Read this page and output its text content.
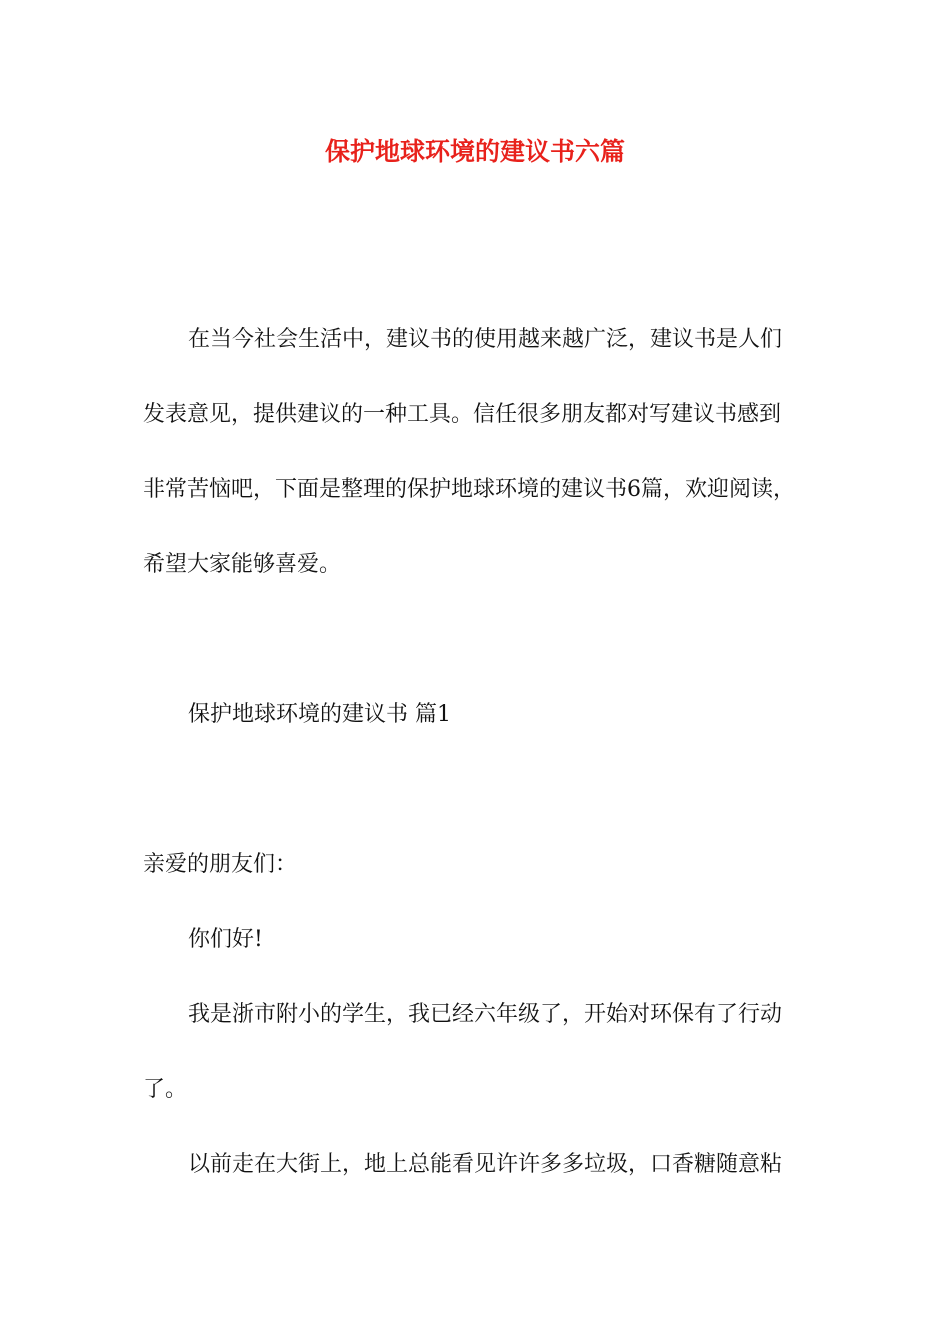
保护地球环境的建议书六篇

在当今社会生活中，建议书的使用越来越广泛，建议书是人们

发表意见，提供建议的一种工具。信任很多朋友都对写建议书感到

非常苦恼吧，下面是整理的保护地球环境的建议书6篇，欢迎阅读，

希望大家能够喜爱。

保护地球环境的建议书 篇1

亲爱的朋友们：

你们好!

我是浙市附小的学生，我已经六年级了，开始对环保有了行动

了。

以前走在大街上，地上总能看见许许多多垃圾，口香糖随意粘
